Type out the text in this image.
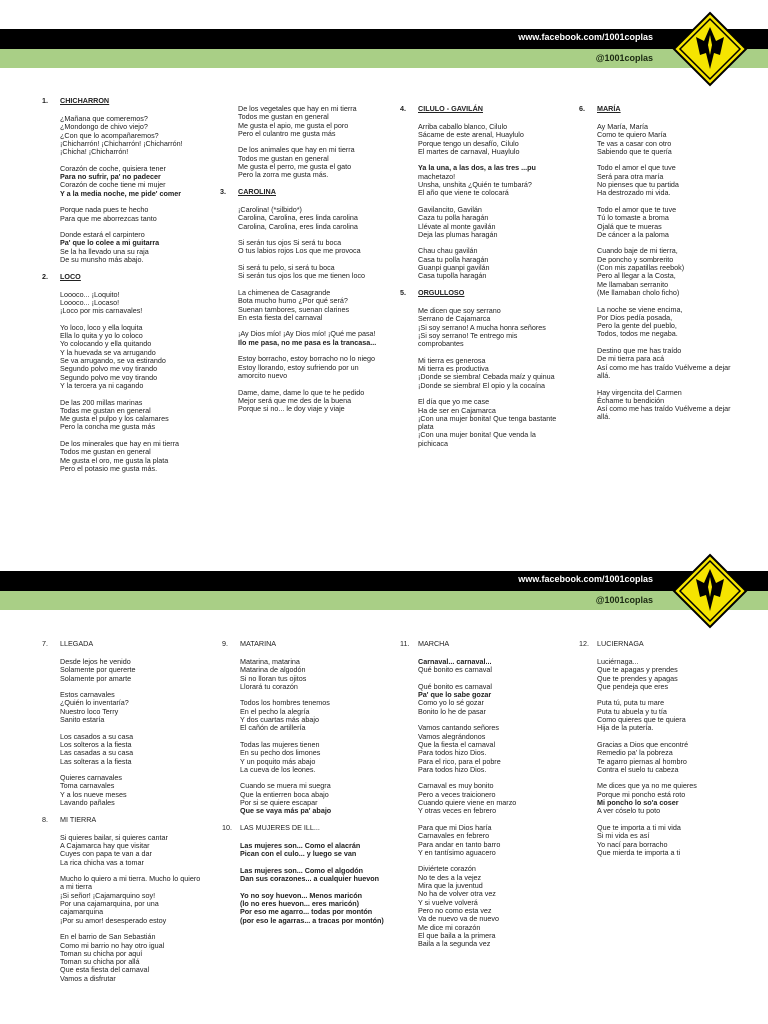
www.facebook.com/1001coplas
@1001coplas
1. CHICHARRON

¿Mañana que comeremos?
¿Mondongo de chivo viejo?
¿Con que lo acompañaremos?
¡Chicharrón! ¡Chicharrón! ¡Chicharrón!
¡Chicha! ¡Chicharrón!

Corazón de coche, quisiera tener
Para no sufrir, pa' no padecer
Corazón de coche tiene mi mujer
Y a la media noche, me pide' comer

Porque nada pues te hecho
Para que me aborrezcas tanto

Donde estará el carpintero
Pa' que lo colee a mi guitarra
Se la ha llevado una su raja
De su munsho más abajo.

2. LOCO

Loooco... ¡Loquito!
Loooco... ¡Locaso!
¡Loco por mis carnavales!

Yo loco, loco y ella loquita
Ella lo quita y yo lo coloco
Yo colocando y ella quitando
Y la huevada se va arrugando
Se va arrugando, se va estirando
Segundo polvo me voy tirando
Segundo polvo me voy tirando
Y la tercera ya ni cagando

De las 200 millas marinas
Todas me gustan en general
Me gusta el pulpo y los calamares
Pero la concha me gusta más

De los minerales que hay en mi tierra
Todos me gustan en general
Me gusta el oro, me gusta la plata
Pero el potasio me gusta más.

De los vegetales que hay en mi tierra
Todos me gustan en general
Me gusta el apio, me gusta el poro
Pero el culantro me gusta más

De los animales que hay en mi tierra
Todos me gustan en general
Me gusta el perro, me gusta el gato
Pero la zorra me gusta más.

3. CAROLINA

¡Carolina! (*silbido*)
Carolina, Carolina, eres linda carolina
Carolina, Carolina, eres linda carolina

Si serán tus ojos Si será tu boca
O tus labios rojos Los que me provoca

Si será tu pelo, si será tu boca
Si serán tus ojos los que me tienen loco

La chimenea de Casagrande
Bota mucho humo ¿Por qué será?
Suenan tambores, suenan clarines
En esta fiesta del carnaval

¡Ay Dios mío! ¡Ay Dios mío! ¡Qué me pasa!
Ilo me pasa, no me pasa es la trancasa...

Estoy borracho, estoy borracho no lo niego
Estoy llorando, estoy sufriendo por un
amorcito nuevo

Dame, dame, dame lo que te he pedido
Mejor será que me des de la buena
Porque si no... le doy viaje y viaje

4. CILULO - GAVILÁN

Arriba caballo blanco, Cilulo
Sácame de este arenal, Huaylulo
Porque tengo un desafío, Cilulo
El martes de carnaval, Huaylulo

Ya la una, a las dos, a las tres ...pu
machetazo!
Unsha, unshita ¿Quién te tumbará?
El año que viene te colocará

Gavilancito, Gavilán
Caza tu polla haragán
Llévate al monte gavilán
Deja las plumas haragán

Chau chau gavilán
Casa tu polla haragán
Guanpi guanpi gavilán
Casa tupolla haragán

5. ORGULLOSO

Me dicen que soy serrano
Serrano de Cajamarca
¡Si soy serrano! A mucha honra señores
¡Si soy serrano! Te entrego mis
comprobantes

Mi tierra es generosa
Mi tierra es productiva
¡Donde se siembra! Cebada maíz y quinua
¡Donde se siembra! El opio y la cocaína

El día que yo me case
Ha de ser en Cajamarca
¡Con una mujer bonita! Que tenga bastante
plata
¡Con una mujer bonita! Que venda la
pichicaca

6. MARÍA

Ay María, María
Como te quiero María
Te vas a casar con otro
Sabiendo que te quería

Todo el amor el que tuve
Será para otra maría
No pienses que tu partida
Ha destrozado mi vida.

Todo el amor que te tuve
Tú lo tomaste a broma
Ojalá que te mueras
De cáncer a la paloma

Cuando baje de mi tierra,
De poncho y sombrerito
(Con mis zapatillas reebok)
Pero al llegar a la Costa,
Me llamaban serranito
(Me llamaban cholo ficho)

La noche se viene encima,
Por Dios pedía posada,
Pero la gente del pueblo,
Todos, todos me negaba.

Destino que me has traído
De mi tierra para acá
Así como me has traído Vuélveme a dejar
allá.

Hay virgencita del Carmen
Échame tu bendición
Así como me has traído Vuélveme a dejar
allá.

www.facebook.com/1001coplas
@1001coplas
7. LLEGADA

Desde lejos he venido
Solamente por quererte
Solamente por amarte

Estos carnavales
¿Quién lo inventaría?
Nuestro loco Terry
Sanito estaría

Los casados a su casa
Los solteros a la fiesta
Las casadas a su casa
Las solteras a la fiesta

Quieres carnavales
Toma carnavales
Y a los nueve meses
Lavando pañales

8. MI TIERRA

Si quieres bailar, si quieres cantar
A Cajamarca hay que visitar
Cuyes con papa te van a dar
La rica chicha vas a tomar

Mucho lo quiero a mi tierra. Mucho lo quiero
a mi tierra
¡Si señor! ¡Cajamarquino soy!
Por una cajamarquina, por una
cajamarquina
¡Por su amor! desesperado estoy

En el barrio de San Sebastián
Como mi barrio no hay otro igual
Toman su chicha por aquí
Toman su chicha por allá
Que esta fiesta del carnaval
Vamos a disfrutar

9. MATARINA

Matarina, matarina
Matarina de algodón
Si no lloran tus ojitos
Llorará tu corazón

Todos los hombres tenemos
En el pecho la alegría
Y dos cuartas más abajo
El cañón de artillería

Todas las mujeres tienen
En su pecho dos limones
Y un poquito más abajo
La cueva de los leones.

Cuando se muera mi suegra
Que la entierren boca abajo
Por si se quiere escapar
Que se vaya más pa' abajo

10. LAS MUJERES DE ILL...

Las mujeres son... Como el alacrán
Pican con el culo... y luego se van

Las mujeres son... Como el algodón
Dan sus corazones... a cualquier huevon

Yo no soy huevon... Menos maricón
(lo no eres huevon... eres maricón)
Por eso me agarro... todas por montón
(por eso le agarras... a tracas por montón)

11. MARCHA

Carnaval... carnaval...
Qué bonito es carnaval

Qué bonito es carnaval
Pa' que lo sabe gozar
Como yo lo sé gozar
Bonito lo he de pasar

Vamos cantando señores
Vamos alegrándonos
Que la fiesta el carnaval
Para todos hizo Dios.
Para el rico, para el pobre
Para todos hizo Dios.

Carnaval es muy bonito
Pero a veces traicionero
Cuando quiere viene en marzo
Y otras veces en febrero

Para que mi Dios haría
Carnavales en febrero
Para andar en tanto barro
Y en tantísimo aguacero

Diviértete corazón
No te des a la vejez
Mira que la juventud
No ha de volver otra vez
Y si vuelve volverá
Pero no como esta vez
Va de nuevo va de nuevo
Me dice mi corazón
El que baila a la primera
Baila a la segunda vez

12. LUCIERNAGA

Luciérnaga...
Que te apagas y prendes
Que te prendes y apagas
Que pendeja que eres

Puta tú, puta tu mare
Puta tu abuela y tu tía
Como quieres que te quiera
Hija de la putería.

Gracias a Dios que encontré
Remedio pa' la pobreza
Te agarro piernas al hombro
Contra el suelo tu cabeza

Me dices que ya no me quieres
Porque mi poncho está roto
Mi poncho lo so'a coser
A ver cóselo tu poto

Que te importa a ti mi vida
Si mi vida es así
Yo nací para borracho
Que mierda te importa a ti
